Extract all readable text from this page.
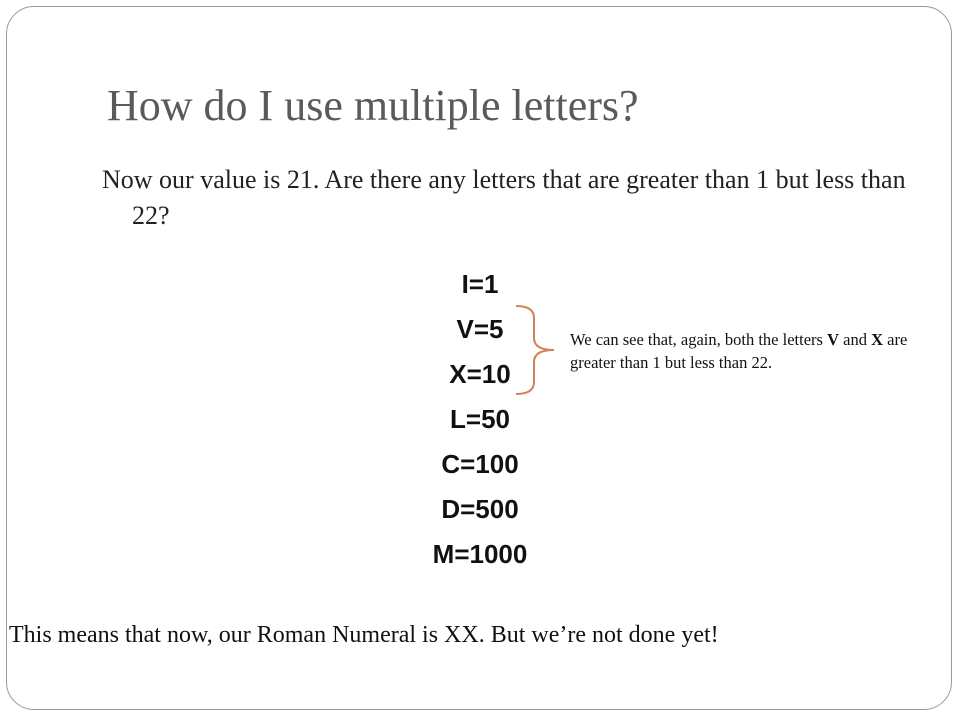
How do I use multiple letters?

Now our value is 21. Are there any letters that are greater than 1 but less than 22?

I=1
V=5
X=10
L=50
C=100
D=500
M=1000
We can see that, again, both the letters V and X are greater than 1 but less than 22.
This means that now, our Roman Numeral is XX. But we’re not done yet!
